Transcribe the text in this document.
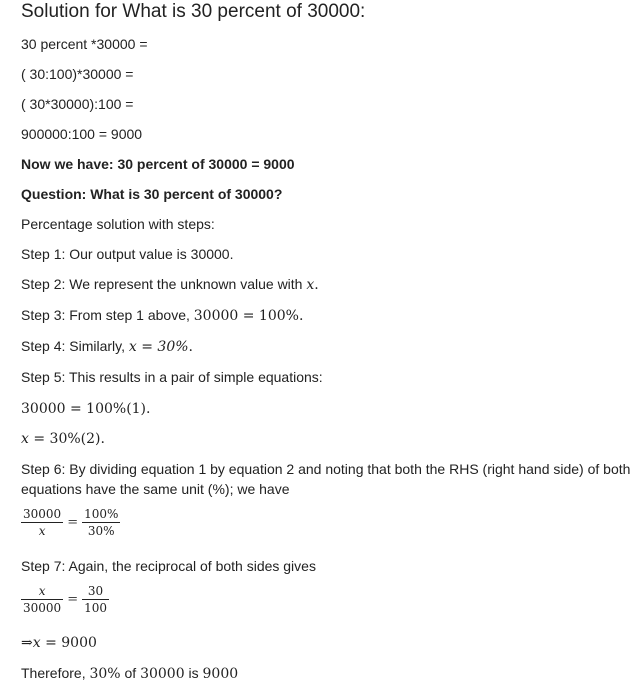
Solution for What is 30 percent of 30000:
30 percent *30000 =
( 30:100)*30000 =
( 30*30000):100 =
900000:100 = 9000
Now we have: 30 percent of 30000 = 9000
Question: What is 30 percent of 30000?
Percentage solution with steps:
Step 1: Our output value is 30000.
Step 2: We represent the unknown value with x.
Step 3: From step 1 above, 30000 = 100%.
Step 4: Similarly, x = 30%.
Step 5: This results in a pair of simple equations:
30000 = 100%(1).
x = 30%(2).
Step 6: By dividing equation 1 by equation 2 and noting that both the RHS (right hand side) of both
equations have the same unit (%); we have
$\frac{30000}{x} = \frac{100\%}{30\%}$
Step 7: Again, the reciprocal of both sides gives
$\frac{x}{30000} = \frac{30}{100}$
⇒x = 9000
Therefore, 30% of 30000 is 9000
